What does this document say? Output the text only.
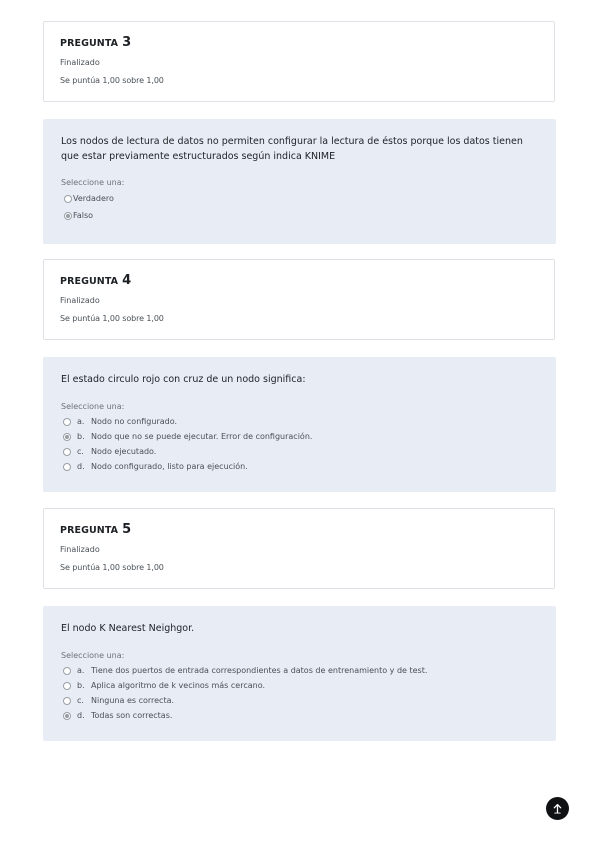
PREGUNTA 3
Finalizado
Se puntúa 1,00 sobre 1,00
Los nodos de lectura de datos no permiten configurar la lectura de éstos porque los datos tienen que estar previamente estructurados según indica KNIME
Seleccione una:
Verdadero
Falso
PREGUNTA 4
Finalizado
Se puntúa 1,00 sobre 1,00
El estado circulo rojo con cruz de un nodo significa:
Seleccione una:
a. Nodo no configurado.
b. Nodo que no se puede ejecutar. Error de configuración.
c. Nodo ejecutado.
d. Nodo configurado, listo para ejecución.
PREGUNTA 5
Finalizado
Se puntúa 1,00 sobre 1,00
El nodo K Nearest Neighgor.
Seleccione una:
a. Tiene dos puertos de entrada correspondientes a datos de entrenamiento y de test.
b. Aplica algoritmo de k vecinos más cercano.
c. Ninguna es correcta.
d. Todas son correctas.
